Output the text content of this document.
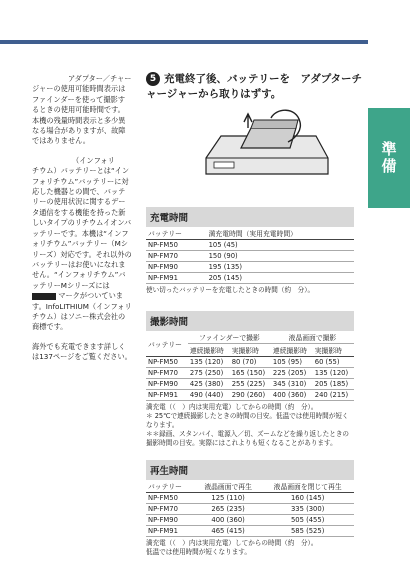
準備

アダプター／チャージャーの使用可能時間表示はファインダーを使って撮影するときの使用可能時間です。本機の残量時間表示と多少異なる場合がありますが、故障ではありません。

（インフォリ
チウム）バッテリーとは“インフォリチウム”バッテリーに対応した機器との間で、バッテリーの使用状況に関するデータ通信をする機能を持った新しいタイプのリチウムイオンバッテリーです。本機は“インフォリチウム”バッテリー（Mシリーズ）対応です。それ以外のバッテリーはお使いになれません。“インフォリチウム”バッテリーMシリーズには  マークがついています。InfoLITHIUM（インフォリチウム）はソニー株式会社の商標です。

海外でも充電できます詳しくは137ページをご覧ください。

5 充電終了後、バッテリーを　アダプターチャージャーから取りはずす。
充電時間
バッテリー	満充電時間（実用充電時間）
NP-FM50	105 (45)
NP-FM70	150 (90)
NP-FM90	195 (135)
NP-FM91	205 (145)
使い切ったバッテリーを充電したときの時間（約　分）。
撮影時間
バッテリー	ファインダーで撮影		液晶画面で撮影	
	連続撮影時	実撮影時	連続撮影時	実撮影時
NP-FM50	135 (120)	80 (70)	105 (95)	60 (55)
NP-FM70	275 (250)	165 (150)	225 (205)	135 (120)
NP-FM90	425 (380)	255 (225)	345 (310)	205 (185)
NP-FM91	490 (440)	290 (260)	400 (360)	240 (215)
満充電（（　）内は実用充電）してからの時間（約　分）。
＊ 25℃で連続撮影したときの時間の目安。低温では使用時間が短くなります。
＊＊録画、スタンバイ、電源入／切、ズームなどを繰り返したときの撮影時間の目安。実際にはこれよりも短くなることがあります。
再生時間
バッテリー	液晶画面で再生	液晶画面を閉じて再生
NP-FM50	125 (110)	160 (145)
NP-FM70	265 (235)	335 (300)
NP-FM90	400 (360)	505 (455)
NP-FM91	465 (415)	585 (525)
満充電（（　）内は実用充電）してからの時間（約　分）。
低温では使用時間が短くなります。
